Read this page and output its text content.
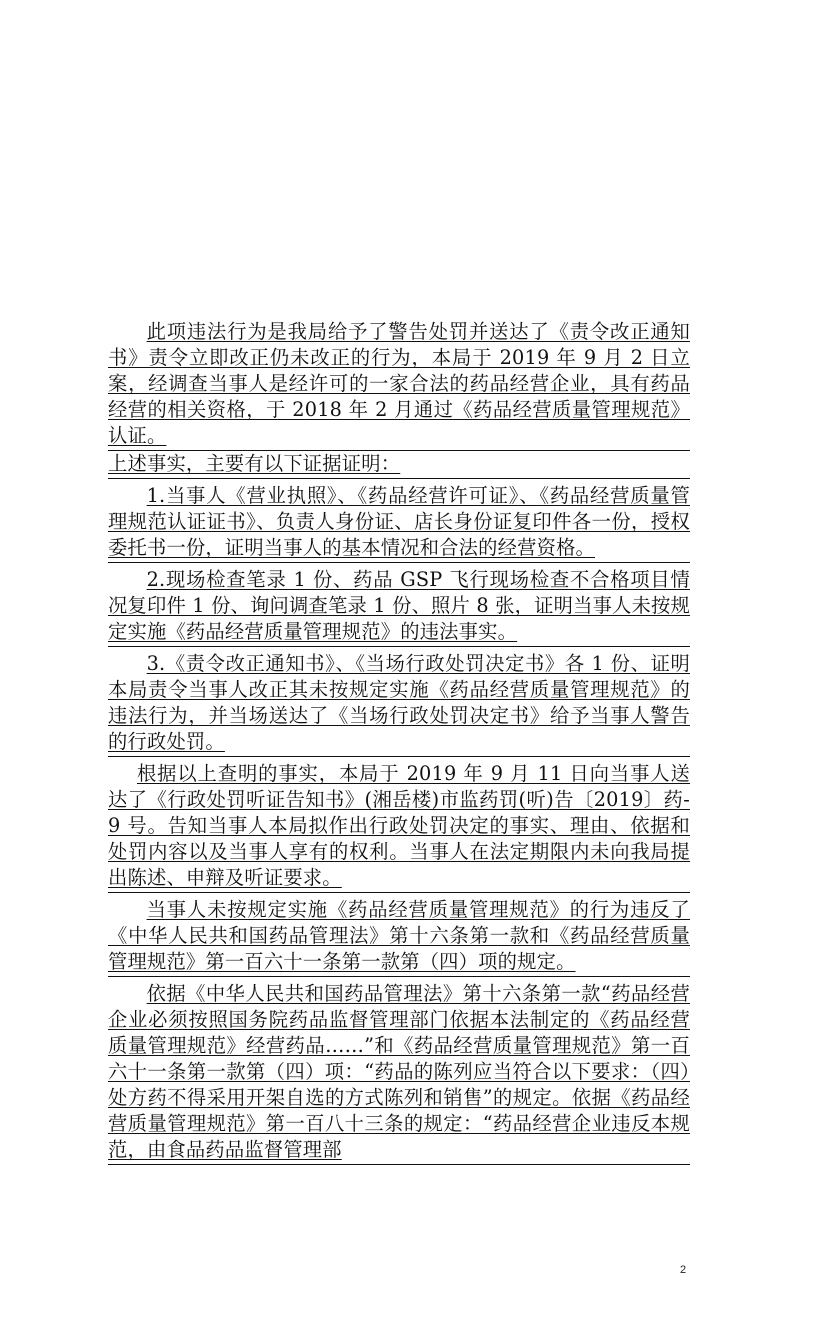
此项违法行为是我局给予了警告处罚并送达了《责令改正通知书》责令立即改正仍未改正的行为，本局于 2019 年 9 月 2 日立案，经调查当事人是经许可的一家合法的药品经营企业，具有药品经营的相关资格，于 2018 年 2 月通过《药品经营质量管理规范》认证。

上述事实，主要有以下证据证明：

1.当事人《营业执照》、《药品经营许可证》、《药品经营质量管理规范认证证书》、负责人身份证、店长身份证复印件各一份，授权委托书一份，证明当事人的基本情况和合法的经营资格。

2.现场检查笔录 1 份、药品 GSP 飞行现场检查不合格项目情况复印件 1 份、询问调查笔录 1 份、照片 8 张，证明当事人未按规定实施《药品经营质量管理规范》的违法事实。

3.《责令改正通知书》、《当场行政处罚决定书》各 1 份、证明本局责令当事人改正其未按规定实施《药品经营质量管理规范》的违法行为，并当场送达了《当场行政处罚决定书》给予当事人警告的行政处罚。

根据以上查明的事实，本局于 2019 年 9 月 11 日向当事人送达了《行政处罚听证告知书》(湘岳楼)市监药罚(听)告〔2019〕药-9 号。告知当事人本局拟作出行政处罚决定的事实、理由、依据和处罚内容以及当事人享有的权利。当事人在法定期限内未向我局提出陈述、申辩及听证要求。

当事人未按规定实施《药品经营质量管理规范》的行为违反了《中华人民共和国药品管理法》第十六条第一款和《药品经营质量管理规范》第一百六十一条第一款第（四）项的规定。

依据《中华人民共和国药品管理法》第十六条第一款“药品经营企业必须按照国务院药品监督管理部门依据本法制定的《药品经营质量管理规范》经营药品……”和《药品经营质量管理规范》第一百六十一条第一款第（四）项：“药品的陈列应当符合以下要求：（四）处方药不得采用开架自选的方式陈列和销售”的规定。依据《药品经营质量管理规范》第一百八十三条的规定：“药品经营企业违反本规范，由食品药品监督管理部

2
